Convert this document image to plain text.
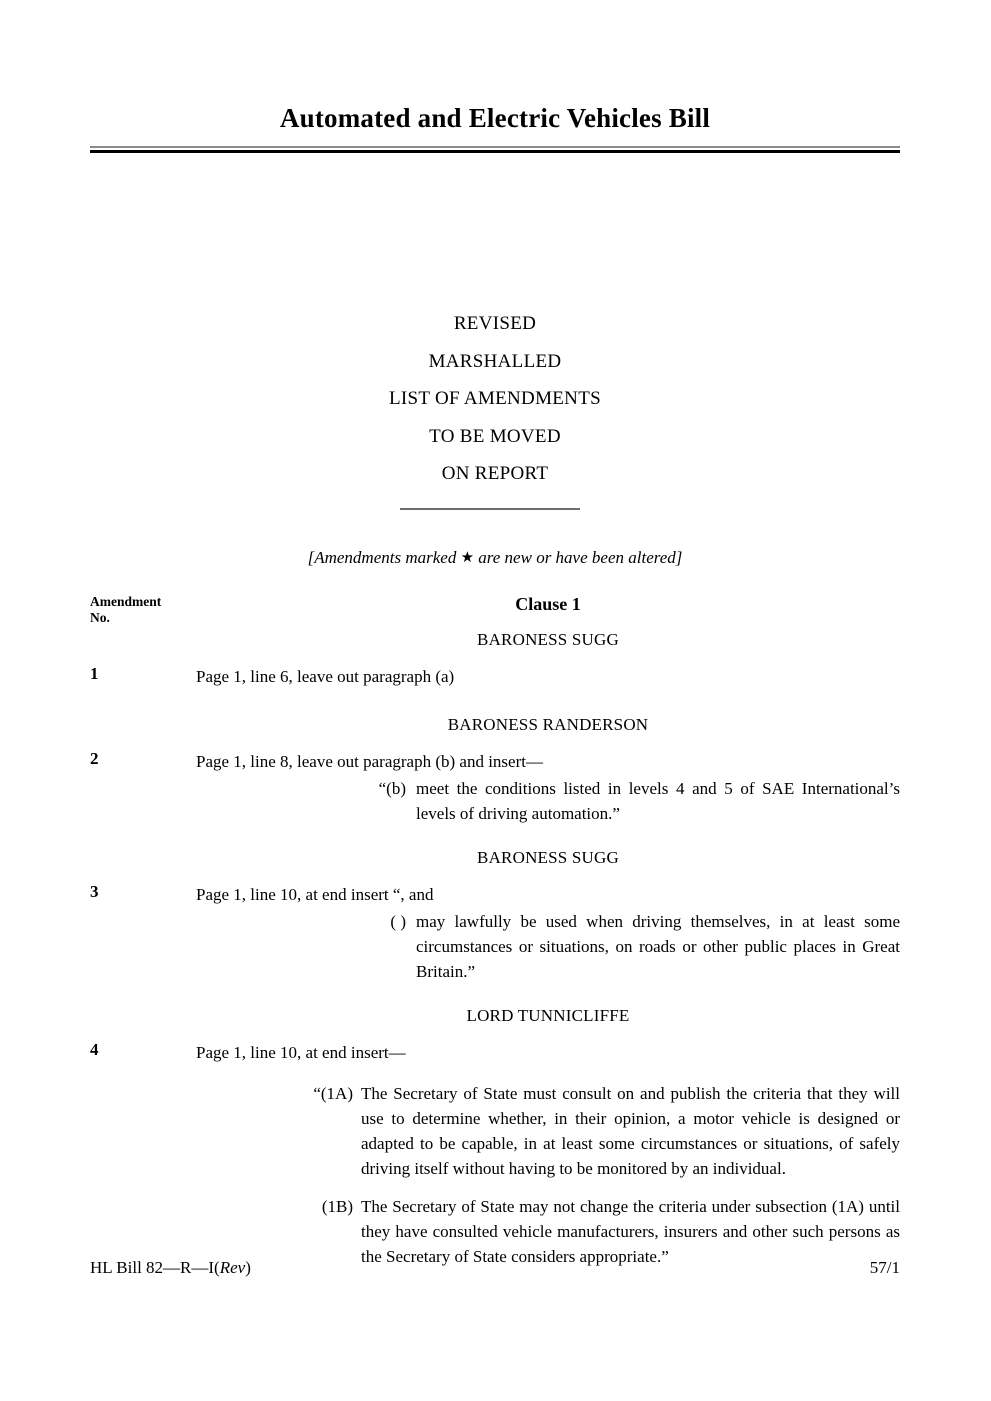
Automated and Electric Vehicles Bill
REVISED
MARSHALLED
LIST OF AMENDMENTS
TO BE MOVED
ON REPORT
[Amendments marked ★ are new or have been altered]
Amendment
No.
Clause 1
BARONESS SUGG
1	Page 1, line 6, leave out paragraph (a)
BARONESS RANDERSON
2	Page 1, line 8, leave out paragraph (b) and insert—
“(b) meet the conditions listed in levels 4 and 5 of SAE International’s levels of driving automation.”
BARONESS SUGG
3	Page 1, line 10, at end insert “, and
( ) may lawfully be used when driving themselves, in at least some circumstances or situations, on roads or other public places in Great Britain.”
LORD TUNNICLIFFE
4	Page 1, line 10, at end insert—
“(1A) The Secretary of State must consult on and publish the criteria that they will use to determine whether, in their opinion, a motor vehicle is designed or adapted to be capable, in at least some circumstances or situations, of safely driving itself without having to be monitored by an individual.
(1B) The Secretary of State may not change the criteria under subsection (1A) until they have consulted vehicle manufacturers, insurers and other such persons as the Secretary of State considers appropriate.”
HL Bill 82—R—I(Rev)	57/1
